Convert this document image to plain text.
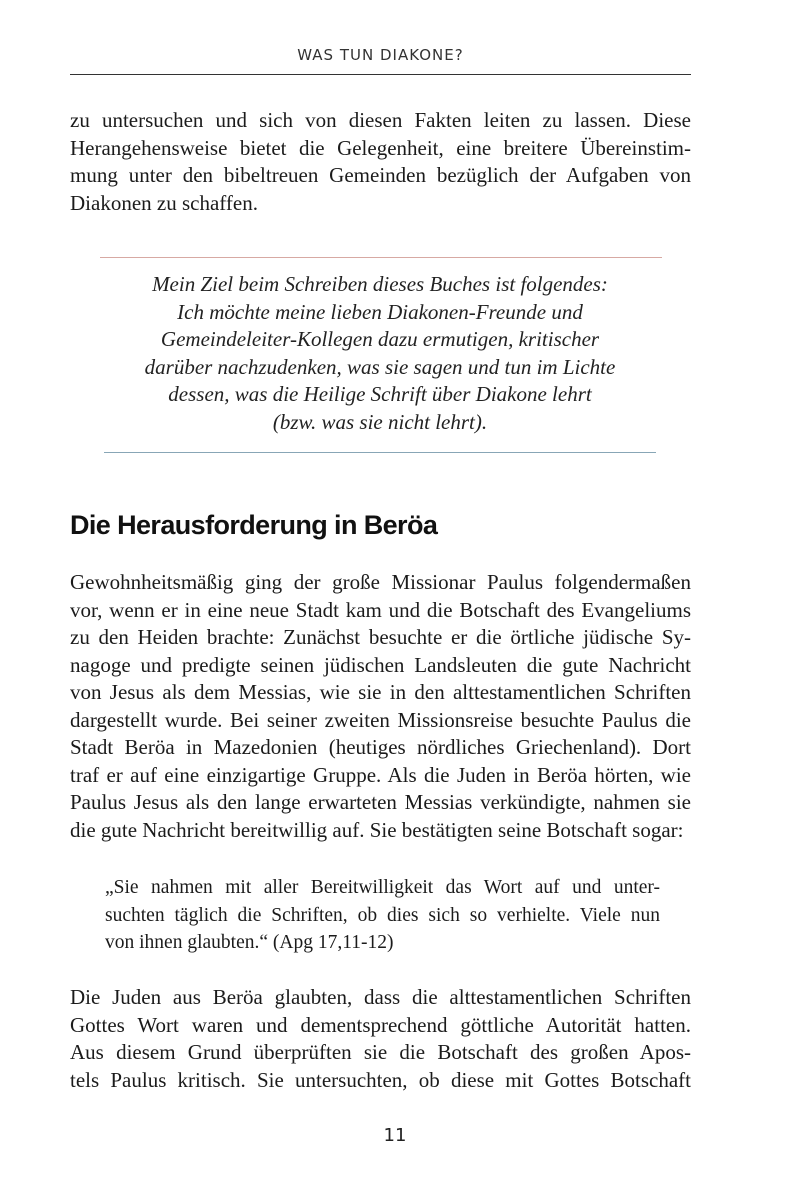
WAS TUN DIAKONE?
zu untersuchen und sich von diesen Fakten leiten zu lassen. Diese
Herangehensweise bietet die Gelegenheit, eine breitere Übereinstim-
mung unter den bibeltreuen Gemeinden bezüglich der Aufgaben von
Diakonen zu schaffen.
Mein Ziel beim Schreiben dieses Buches ist folgendes:
Ich möchte meine lieben Diakonen-Freunde und
Gemeindeleiter-Kollegen dazu ermutigen, kritischer
darüber nachzudenken, was sie sagen und tun im Lichte
dessen, was die Heilige Schrift über Diakone lehrt
(bzw. was sie nicht lehrt).
Die Herausforderung in Beröa
Gewohnheitsmäßig ging der große Missionar Paulus folgendermaßen
vor, wenn er in eine neue Stadt kam und die Botschaft des Evangeliums
zu den Heiden brachte: Zunächst besuchte er die örtliche jüdische Sy-
nagoge und predigte seinen jüdischen Landsleuten die gute Nachricht
von Jesus als dem Messias, wie sie in den alttestamentlichen Schriften
dargestellt wurde. Bei seiner zweiten Missionsreise besuchte Paulus die
Stadt Beröa in Mazedonien (heutiges nördliches Griechenland). Dort
traf er auf eine einzigartige Gruppe. Als die Juden in Beröa hörten, wie
Paulus Jesus als den lange erwarteten Messias verkündigte, nahmen sie
die gute Nachricht bereitwillig auf. Sie bestätigten seine Botschaft sogar:
„Sie nahmen mit aller Bereitwilligkeit das Wort auf und unter-
suchten täglich die Schriften, ob dies sich so verhielte. Viele nun
von ihnen glaubten.“ (Apg 17,11-12)
Die Juden aus Beröa glaubten, dass die alttestamentlichen Schriften
Gottes Wort waren und dementsprechend göttliche Autorität hatten.
Aus diesem Grund überprüften sie die Botschaft des großen Apos-
tels Paulus kritisch. Sie untersuchten, ob diese mit Gottes Botschaft
11
